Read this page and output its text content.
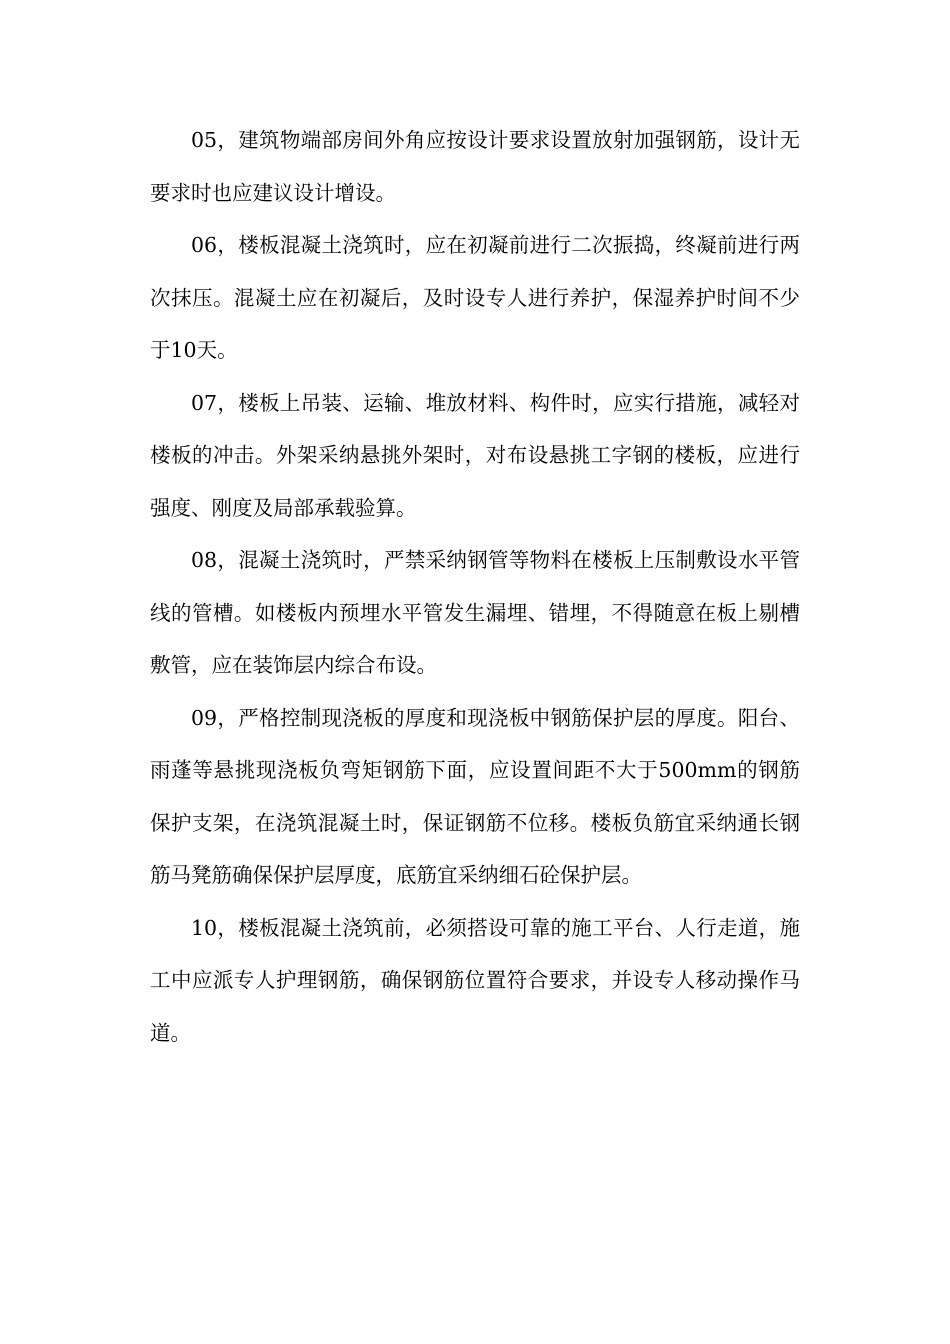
05，建筑物端部房间外角应按设计要求设置放射加强钢筋，设计无要求时也应建议设计增设。

06，楼板混凝土浇筑时，应在初凝前进行二次振捣，终凝前进行两次抹压。混凝土应在初凝后，及时设专人进行养护，保湿养护时间不少于10天。

07，楼板上吊装、运输、堆放材料、构件时，应实行措施，减轻对楼板的冲击。外架采纳悬挑外架时，对布设悬挑工字钢的楼板，应进行强度、刚度及局部承载验算。

08，混凝土浇筑时，严禁采纳钢管等物料在楼板上压制敷设水平管线的管槽。如楼板内预埋水平管发生漏埋、错埋，不得随意在板上剔槽敷管，应在装饰层内综合布设。

09，严格控制现浇板的厚度和现浇板中钢筋保护层的厚度。阳台、雨蓬等悬挑现浇板负弯矩钢筋下面，应设置间距不大于500mm的钢筋保护支架，在浇筑混凝土时，保证钢筋不位移。楼板负筋宜采纳通长钢筋马凳筋确保保护层厚度，底筋宜采纳细石砼保护层。

10，楼板混凝土浇筑前，必须搭设可靠的施工平台、人行走道，施工中应派专人护理钢筋，确保钢筋位置符合要求，并设专人移动操作马道。
